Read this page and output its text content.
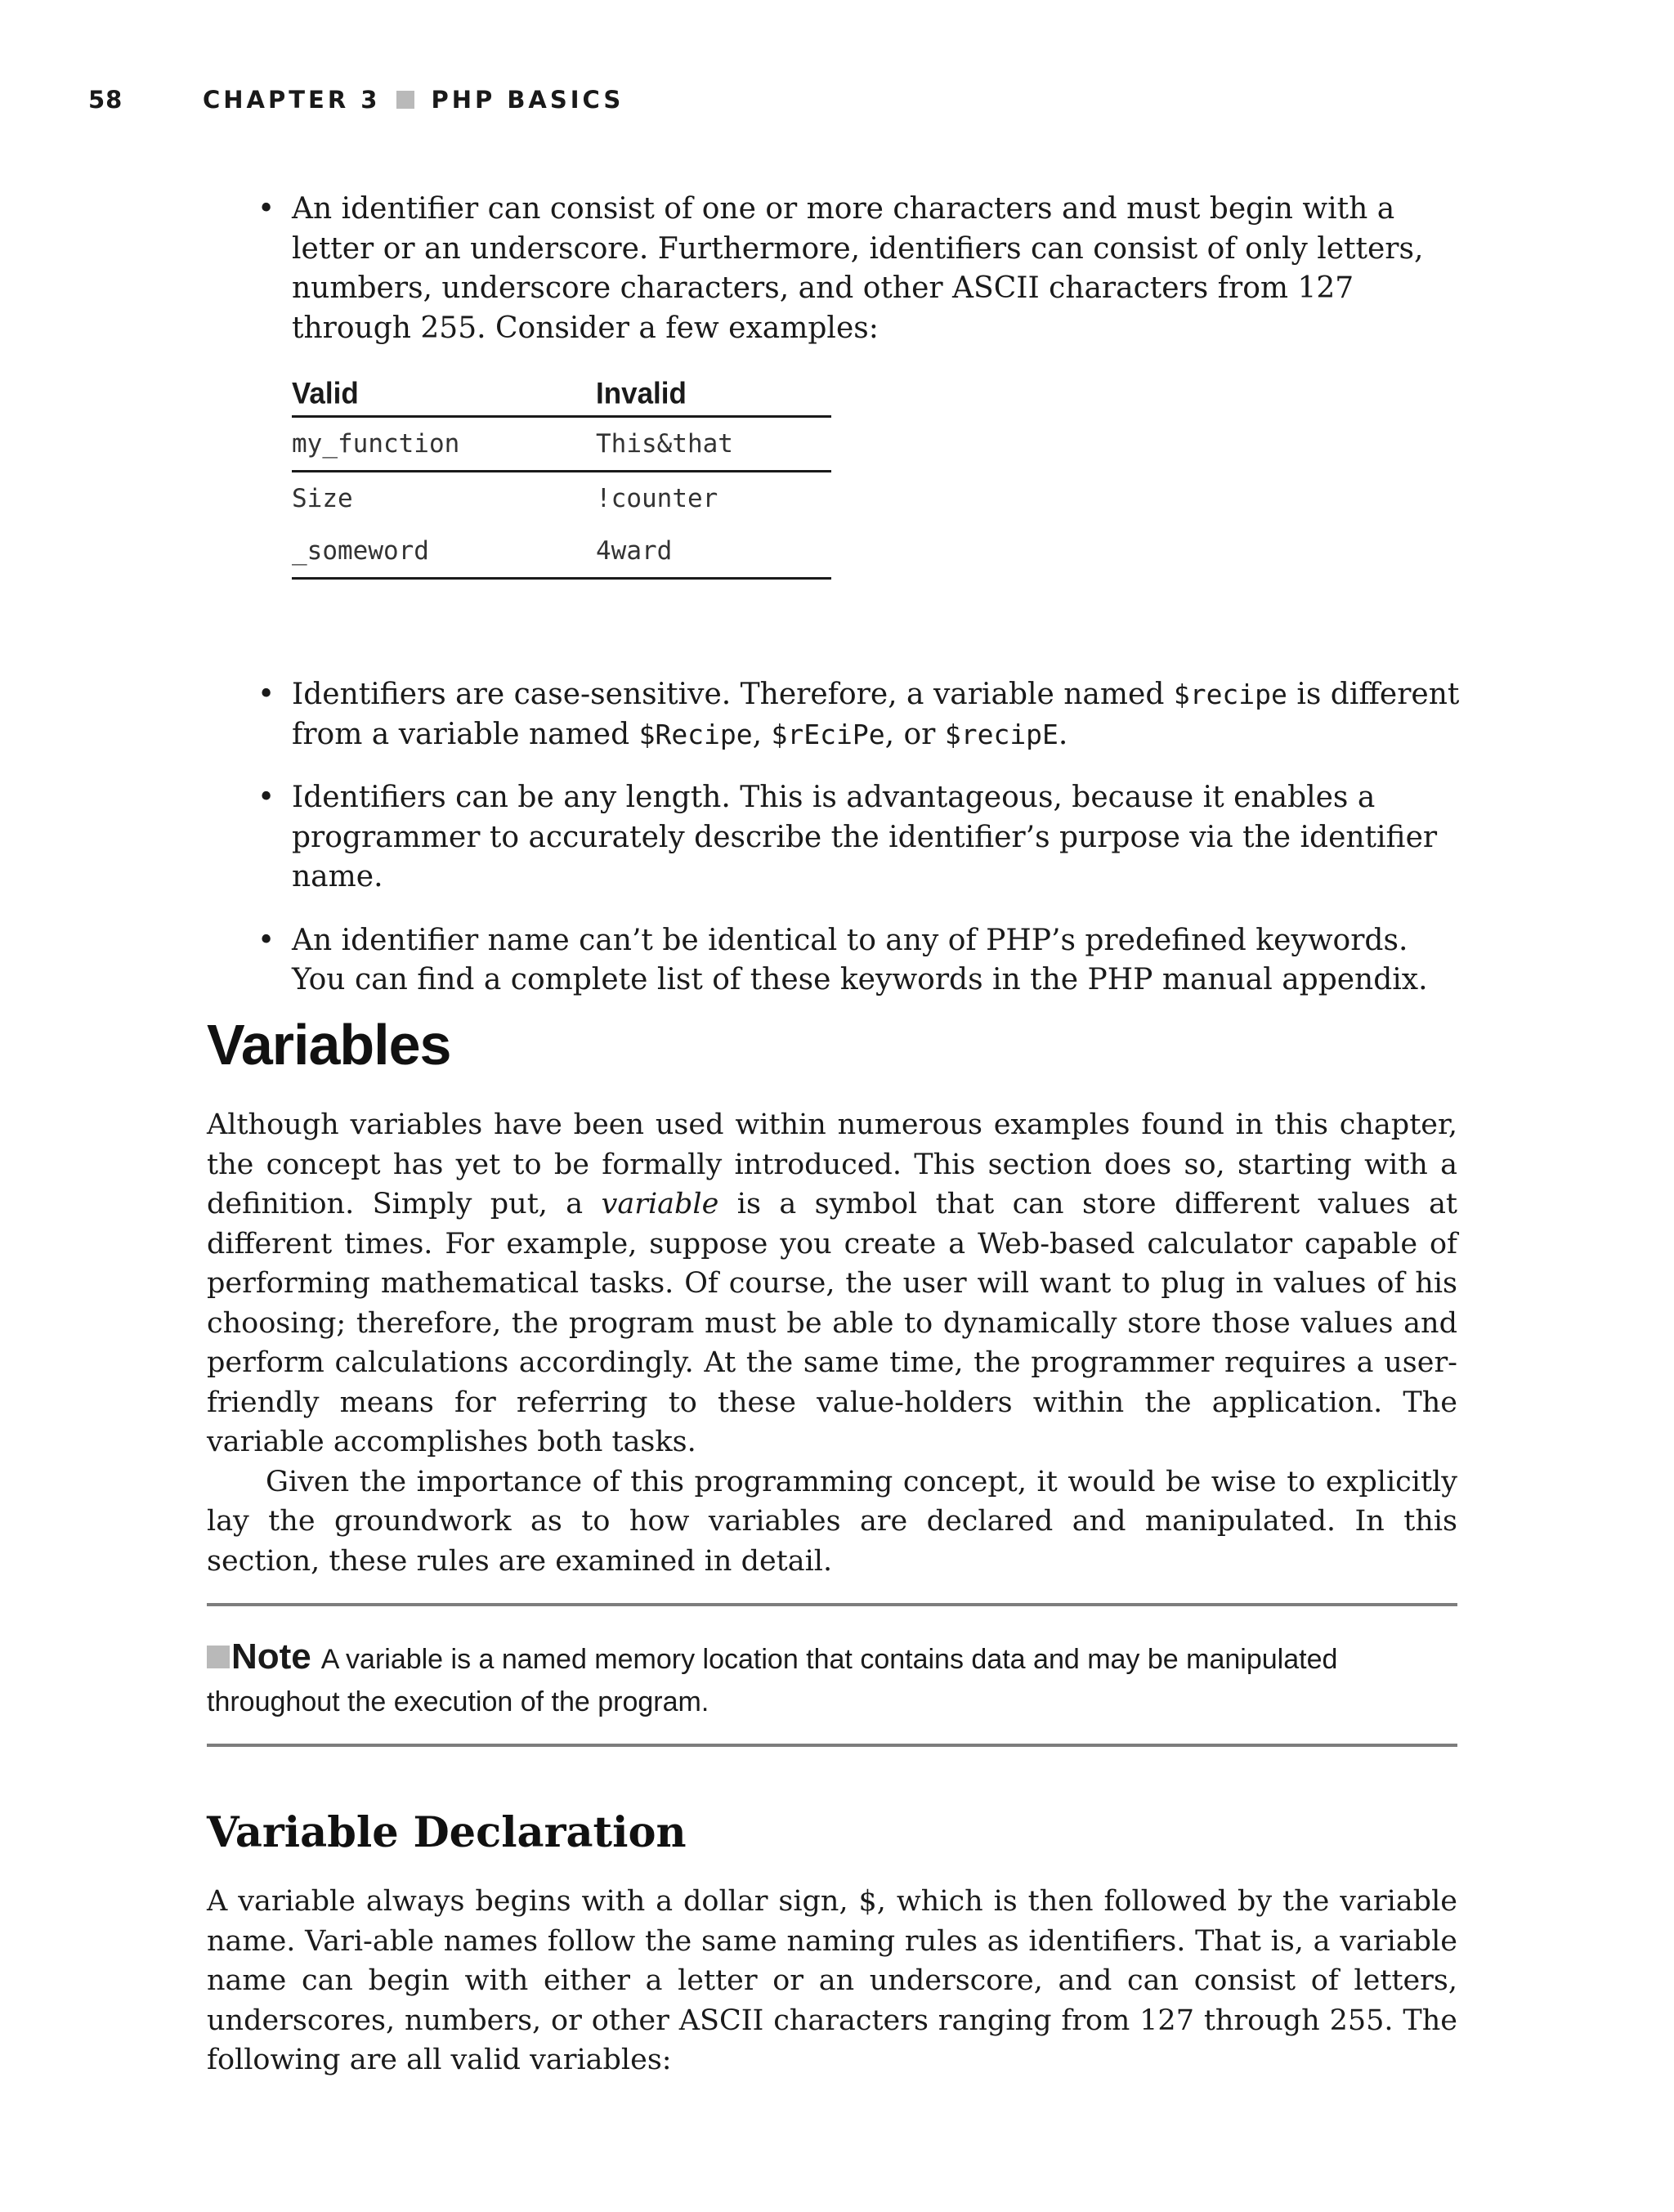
58	CHAPTER 3 PHP BASICS
• An identifier can consist of one or more characters and must begin with a letter or an underscore. Furthermore, identifiers can consist of only letters, numbers, underscore characters, and other ASCII characters from 127 through 255. Consider a few examples:
Valid	Invalid
my_function	This&that
Size	!counter
_someword	4ward
• Identifiers are case-sensitive. Therefore, a variable named $recipe is different from a variable named $Recipe, $rEciPe, or $recipE.
• Identifiers can be any length. This is advantageous, because it enables a programmer to accurately describe the identifier’s purpose via the identifier name.
• An identifier name can’t be identical to any of PHP’s predefined keywords. You can find a complete list of these keywords in the PHP manual appendix.
Variables

Although variables have been used within numerous examples found in this chapter, the concept has yet to be formally introduced. This section does so, starting with a definition. Simply put, a variable is a symbol that can store different values at different times. For example, suppose you create a Web-based calculator capable of performing mathematical tasks. Of course, the user will want to plug in values of his choosing; therefore, the program must be able to dynamically store those values and perform calculations accordingly. At the same time, the programmer requires a user-friendly means for referring to these value-holders within the application. The variable accomplishes both tasks.

Given the importance of this programming concept, it would be wise to explicitly lay the groundwork as to how variables are declared and manipulated. In this section, these rules are examined in detail.

Note A variable is a named memory location that contains data and may be manipulated throughout the execution of the program.
Variable Declaration

A variable always begins with a dollar sign, $, which is then followed by the variable name. Vari-able names follow the same naming rules as identifiers. That is, a variable name can begin with either a letter or an underscore, and can consist of letters, underscores, numbers, or other ASCII characters ranging from 127 through 255. The following are all valid variables:
